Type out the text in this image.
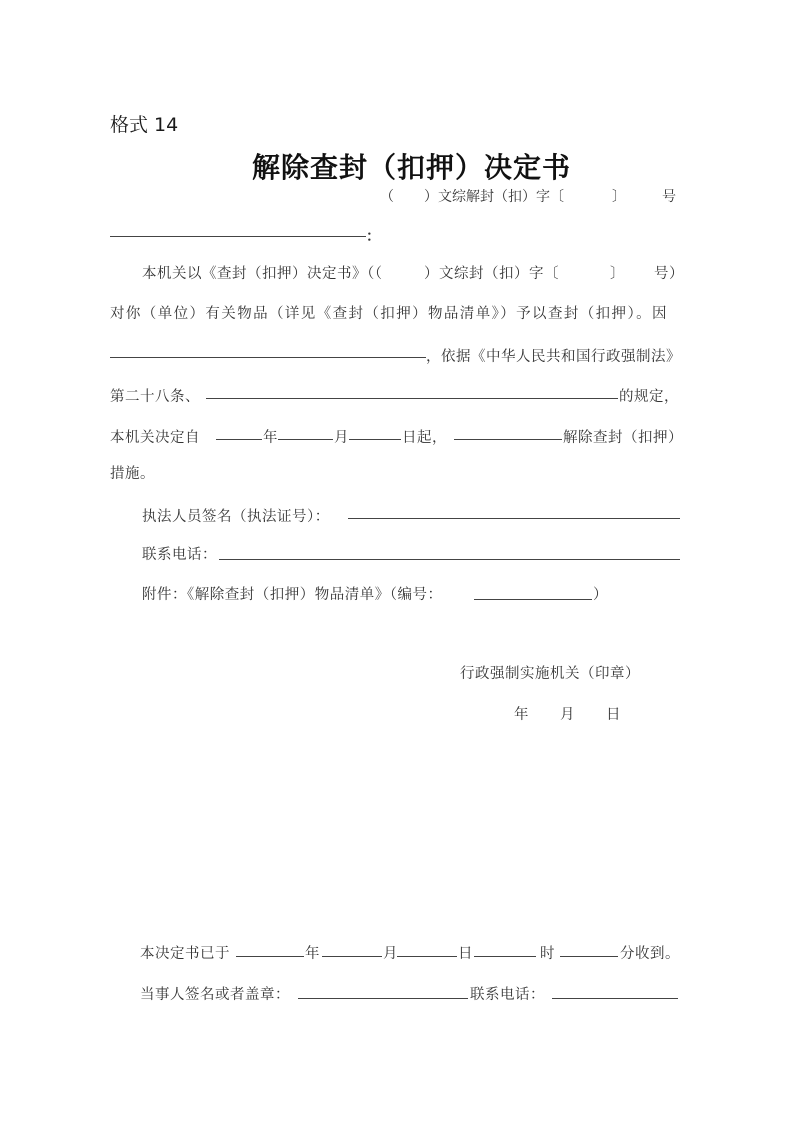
格式 14
解除查封（扣押）决定书
（ ）文综解封（扣）字〔	〕	号
：
本机关以《查封（扣押）决定书》（（	）文综封（扣）字〔	〕 号）
对你（单位）有关物品（详见《查封（扣押）物品清单》）予以查封（扣押）。因
，依据《中华人民共和国行政强制法》
第二十八条、	的规定，
本机关决定自	年	月	日起，	解除查封（扣押）
措施。
执法人员签名（执法证号）：
联系电话：
附件：《解除查封（扣押）物品清单》（编号：	）
行政强制实施机关（印章）
年 月 日
本决定书已于	年	月	日	时	分收到。
当事人签名或者盖章：	联系电话：
